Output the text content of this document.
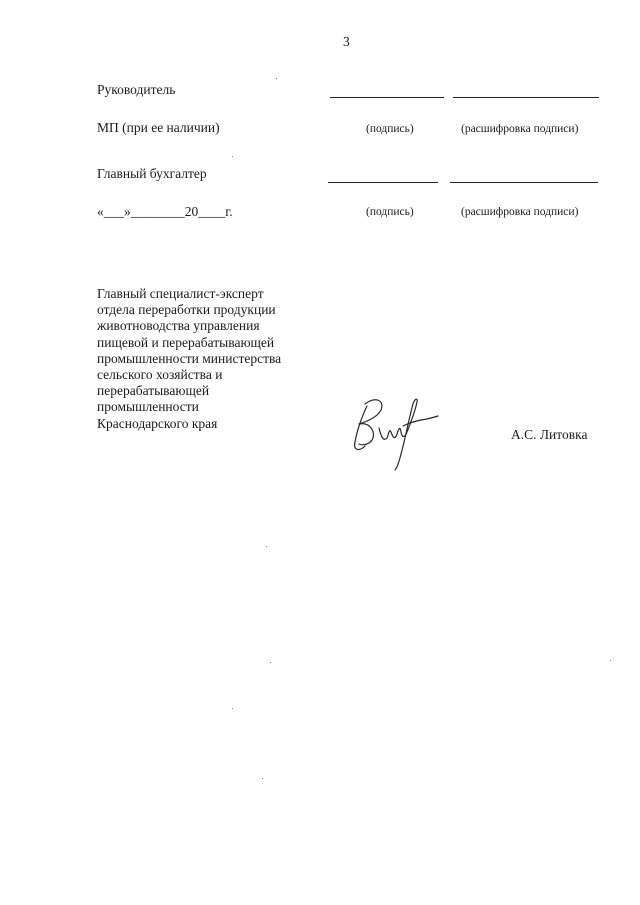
3
Руководитель
МП (при ее наличии)	(подпись)	(расшифровка подписи)
Главный бухгалтер
«___»________20____г.	(подпись)	(расшифровка подписи)
Главный специалист-эксперт
отдела переработки продукции
животноводства управления
пищевой и перерабатывающей
промышленности министерства
сельского хозяйства и
перерабатывающей
промышленности
Краснодарского края
А.С. Литовка
